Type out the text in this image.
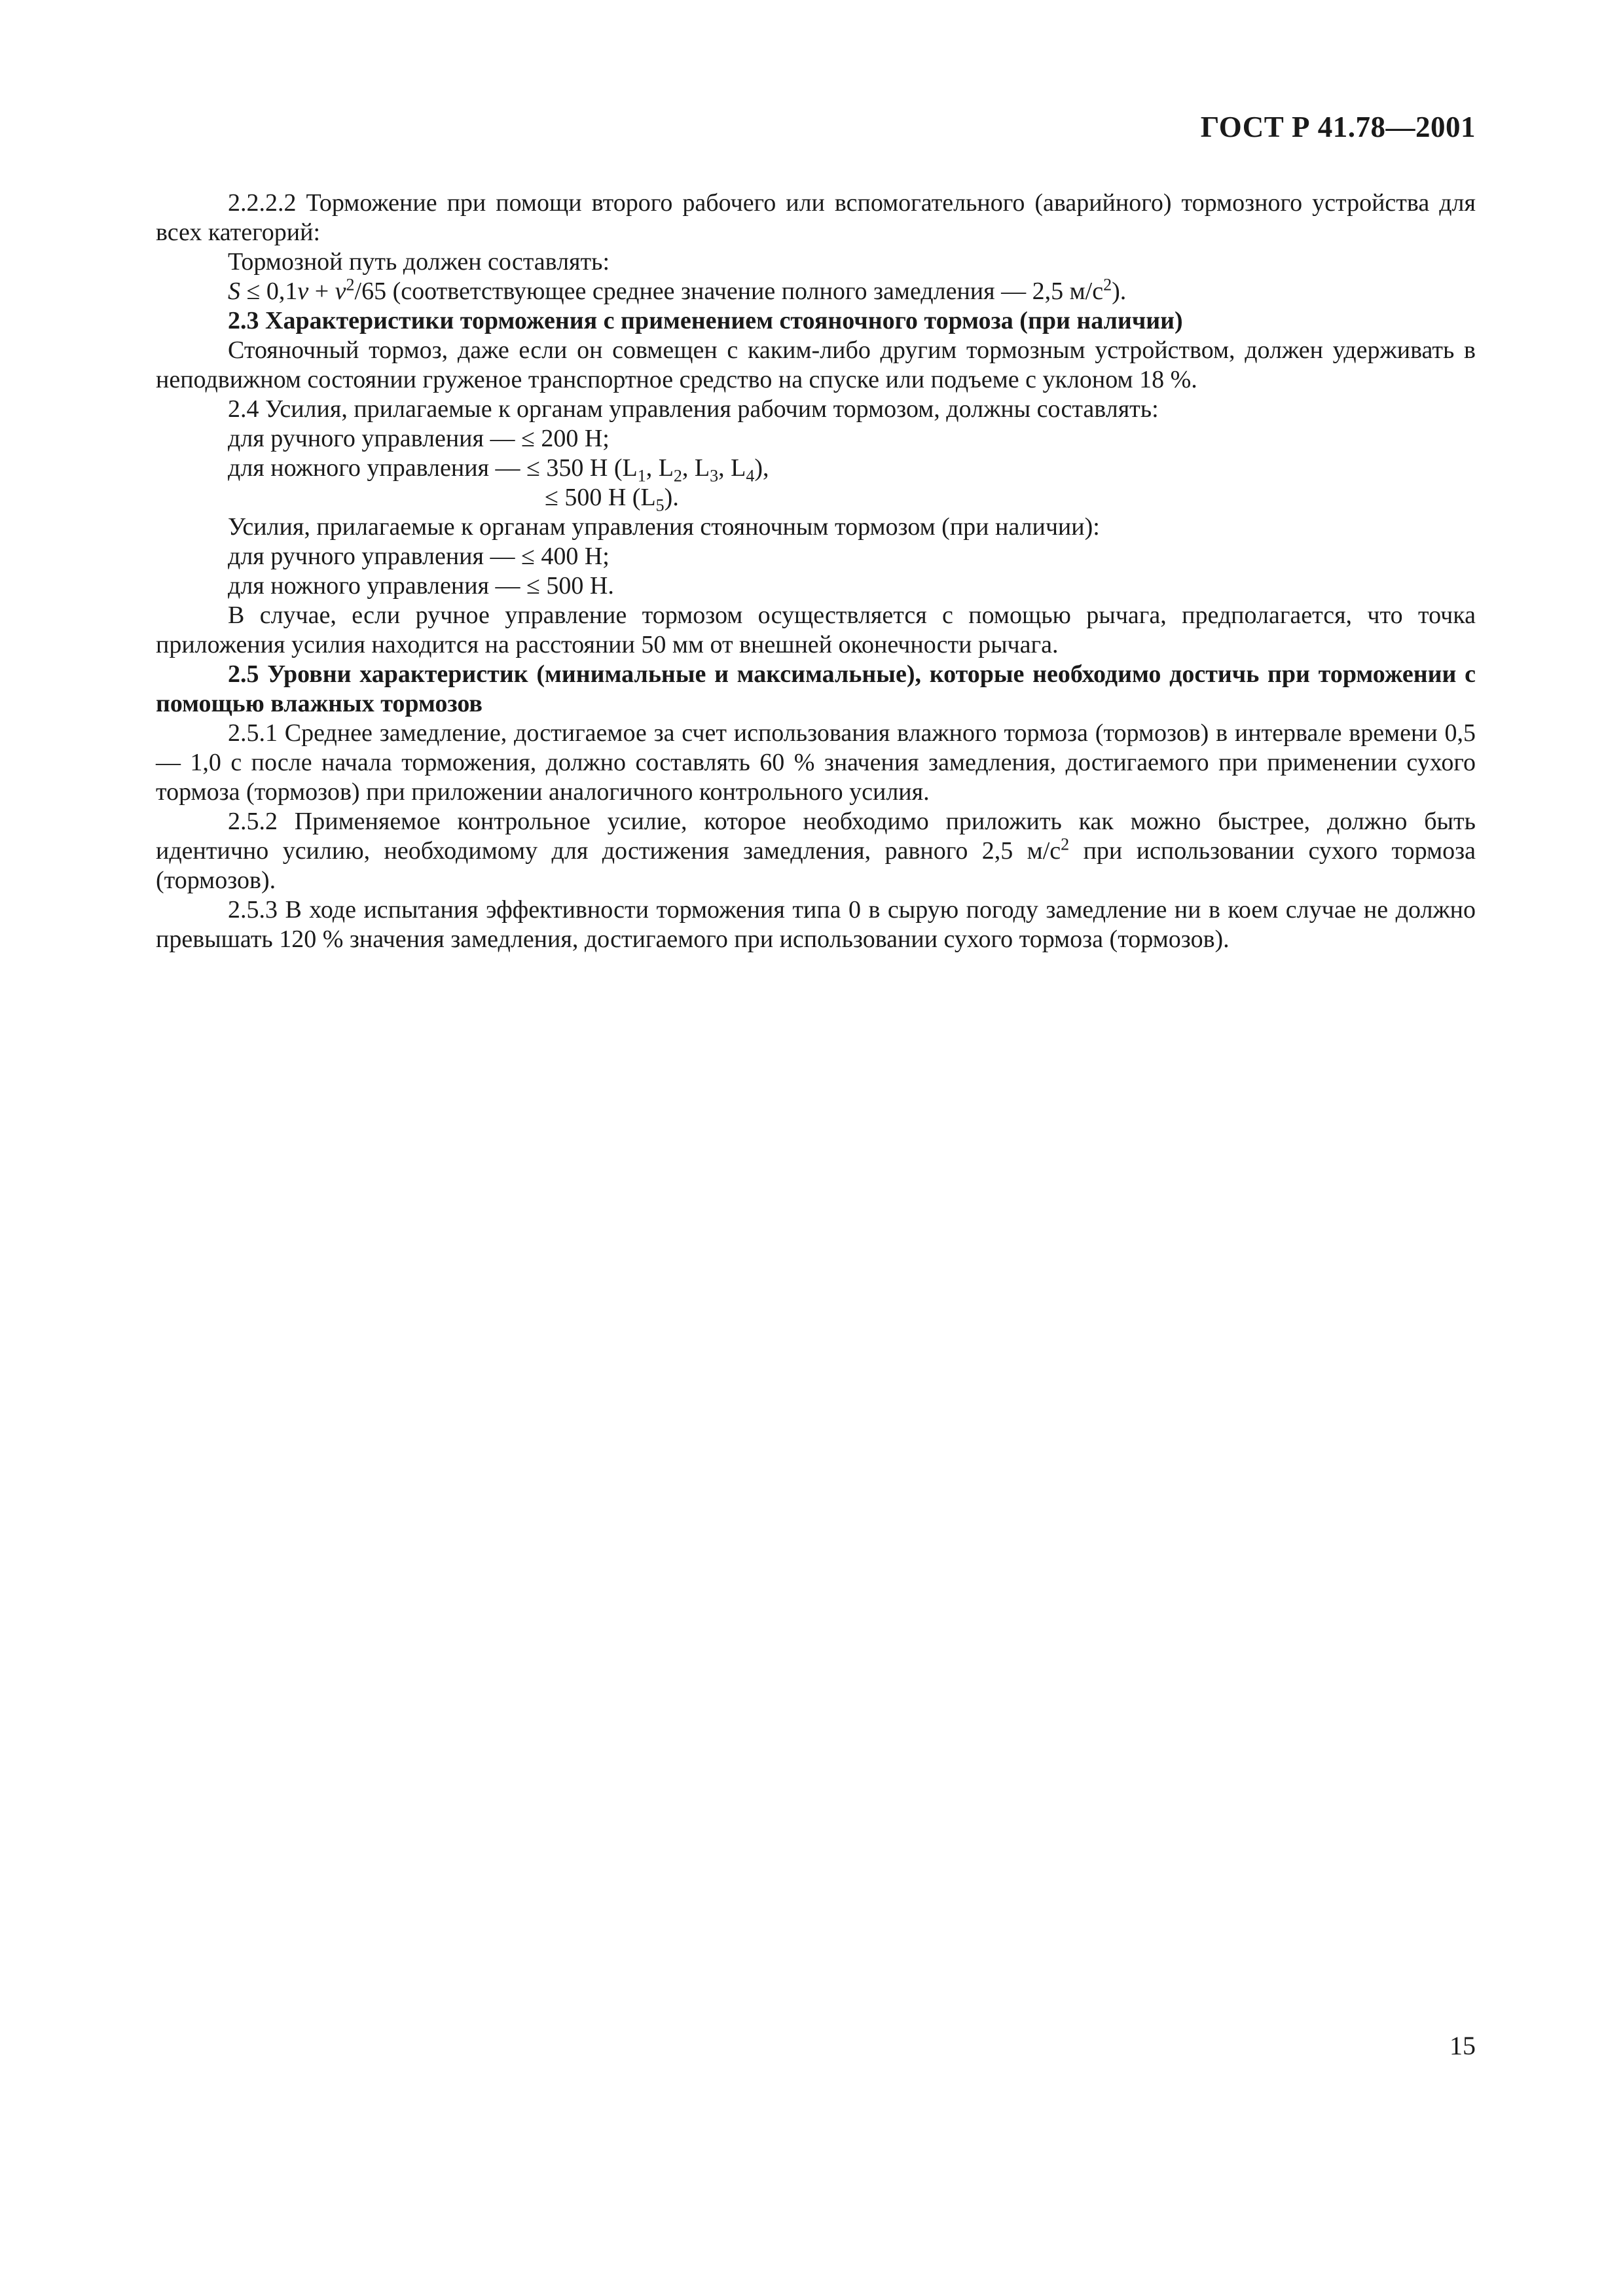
ГОСТ Р 41.78—2001

2.2.2.2 Торможение при помощи второго рабочего или вспомогательного (аварийного) тормозного устройства для всех категорий:

Тормозной путь должен составлять:

$S \le 0,1v + v^2/65$ (соответствующее среднее значение полного замедления — 2,5 $м/с^2$).

2.3 Характеристики торможения с применением стояночного тормоза (при наличии)

Стояночный тормоз, даже если он совмещен с каким-либо другим тормозным устройством, должен удерживать в неподвижном состоянии груженое транспортное средство на спуске или подъеме с уклоном 18 %.

2.4 Усилия, прилагаемые к органам управления рабочим тормозом, должны составлять:

для ручного управления — ≤ 200 Н;

для ножного управления — ≤ 350 Н ($L_1$, $L_2$, $L_3$, $L_4$),

≤ 500 Н $(L_5)$.

Усилия, прилагаемые к органам управления стояночным тормозом (при наличии):

для ручного управления — ≤ 400 Н;

для ножного управления — ≤ 500 Н.

В случае, если ручное управление тормозом осуществляется с помощью рычага, предполагается, что точка приложения усилия находится на расстоянии 50 мм от внешней оконечности рычага.

2.5 Уровни характеристик (минимальные и максимальные), которые необходимо достичь при торможении с помощью влажных тормозов

2.5.1 Среднее замедление, достигаемое за счет использования влажного тормоза (тормозов) в интервале времени 0,5 — 1,0 с после начала торможения, должно составлять 60 % значения замедления, достигаемого при применении сухого тормоза (тормозов) при приложении аналогичного контрольного усилия.

2.5.2 Применяемое контрольное усилие, которое необходимо приложить как можно быстрее, должно быть идентично усилию, необходимому для достижения замедления, равного 2,5 $м/с^2$ при использовании сухого тормоза (тормозов).

2.5.3 В ходе испытания эффективности торможения типа 0 в сырую погоду замедление ни в коем случае не должно превышать 120 % значения замедления, достигаемого при использовании сухого тормоза (тормозов).

15
